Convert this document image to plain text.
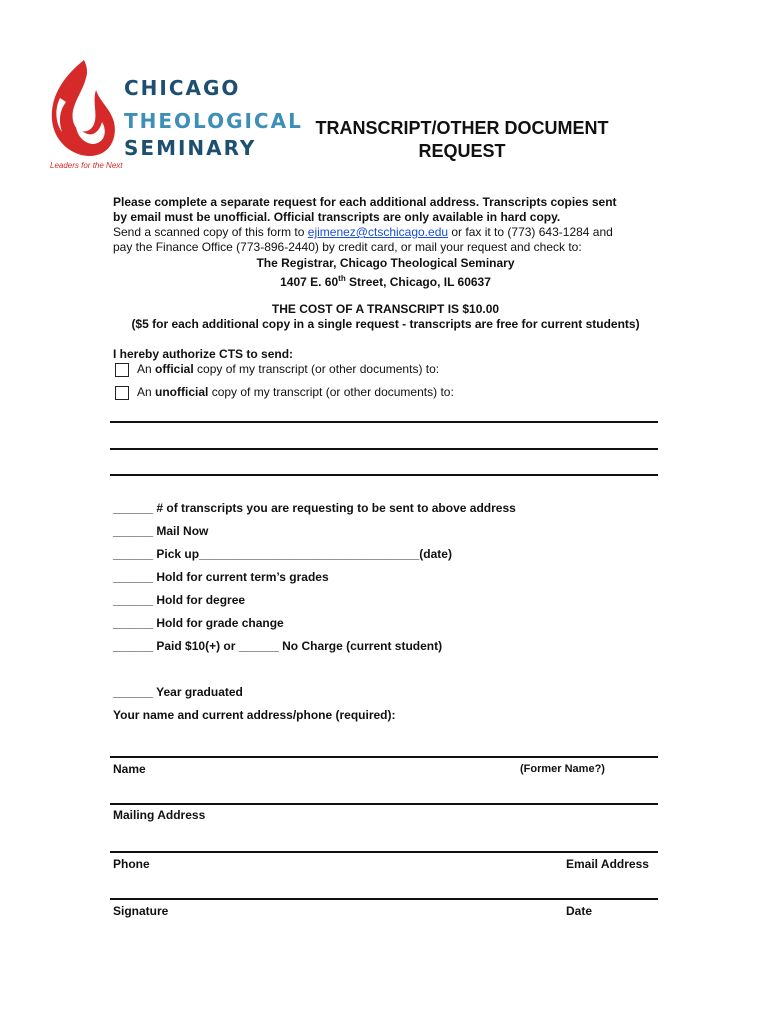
CHICAGO
THEOLOGICAL
SEMINARY
Leaders for the Next
TRANSCRIPT/OTHER DOCUMENT
REQUEST
Please complete a separate request for each additional address. Transcripts copies sent
by email must be unofficial. Official transcripts are only available in hard copy.
Send a scanned copy of this form to ejimenez@ctschicago.edu or fax it to (773) 643-1284 and
pay the Finance Office (773-896-2440) by credit card, or mail your request and check to:
The Registrar, Chicago Theological Seminary
1407 E. 60th Street, Chicago, IL 60637
THE COST OF A TRANSCRIPT IS $10.00
($5 for each additional copy in a single request - transcripts are free for current students)
I hereby authorize CTS to send:
An official copy of my transcript (or other documents) to:
An unofficial copy of my transcript (or other documents) to:
______ # of transcripts you are requesting to be sent to above address
______ Mail Now
______ Pick up_________________________________(date)
______ Hold for current term’s grades
______ Hold for degree
______ Hold for grade change
______ Paid $10(+) or ______ No Charge (current student)
______ Year graduated
Your name and current address/phone (required):
Name	(Former Name?)
Mailing Address
Phone	Email Address
Signature	Date
